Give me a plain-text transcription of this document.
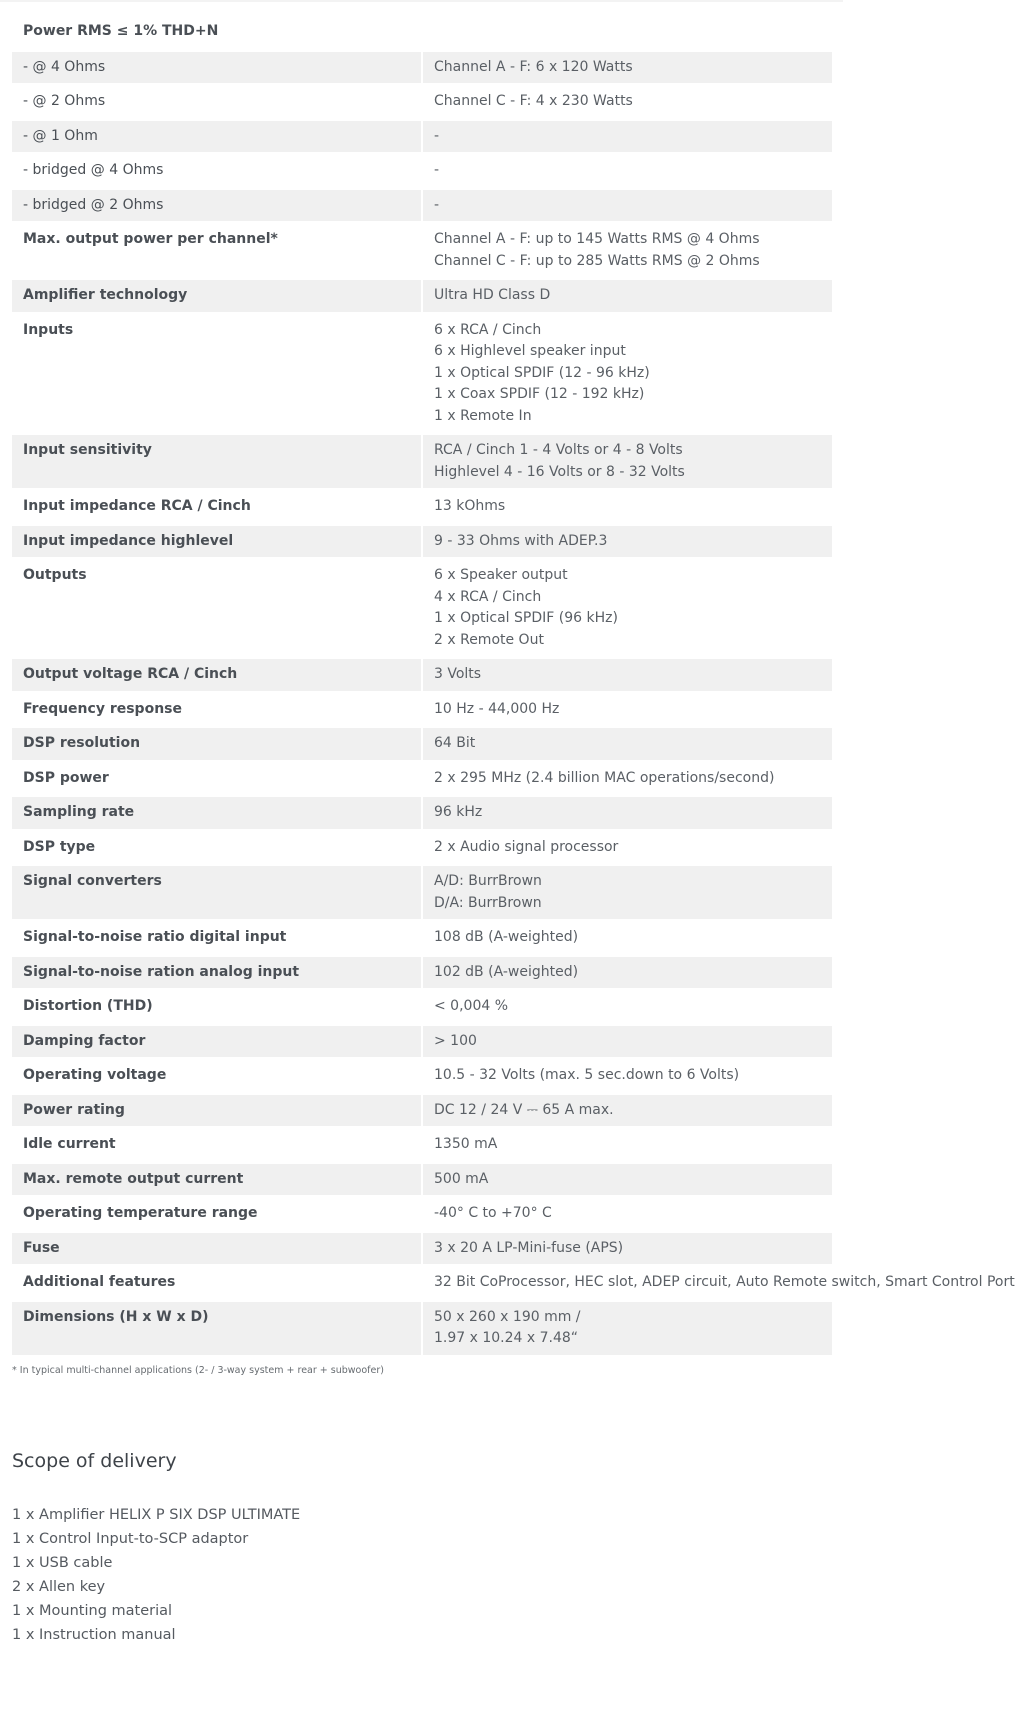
Power RMS ≤ 1% THD+N	
- @ 4 Ohms	Channel A - F: 6 x 120 Watts

- @ 2 Ohms	Channel C - F: 4 x 230 Watts

- @ 1 Ohm	-

- bridged @ 4 Ohms	-

- bridged @ 2 Ohms	-

Max. output power per channel*	Channel A - F: up to 145 Watts RMS @ 4 Ohms
Channel C - F: up to 285 Watts RMS @ 2 Ohms

Amplifier technology	Ultra HD Class D

Inputs	6 x RCA / Cinch
6 x Highlevel speaker input
1 x Optical SPDIF (12 - 96 kHz)
1 x Coax SPDIF (12 - 192 kHz)
1 x Remote In

Input sensitivity	RCA / Cinch 1 - 4 Volts or 4 - 8 Volts
Highlevel 4 - 16 Volts or 8 - 32 Volts

Input impedance RCA / Cinch	13 kOhms

Input impedance highlevel	9 - 33 Ohms with ADEP.3

Outputs	6 x Speaker output
4 x RCA / Cinch
1 x Optical SPDIF (96 kHz)
2 x Remote Out

Output voltage RCA / Cinch	3 Volts

Frequency response	10 Hz - 44,000 Hz

DSP resolution	64 Bit

DSP power	2 x 295 MHz (2.4 billion MAC operations/second)

Sampling rate	96 kHz

DSP type	2 x Audio signal processor

Signal converters	A/D: BurrBrown
D/A: BurrBrown

Signal-to-noise ratio digital input	108 dB (A-weighted)

Signal-to-noise ration analog input	102 dB (A-weighted)

Distortion (THD)	< 0,004 %

Damping factor	> 100

Operating voltage	10.5 - 32 Volts (max. 5 sec.down to 6 Volts)

Power rating	DC 12 / 24 V ⎓ 65 A max.

Idle current	1350 mA

Max. remote output current	500 mA

Operating temperature range	-40° C to +70° C

Fuse	3 x 20 A LP-Mini-fuse (APS)

Additional features	32 Bit CoProcessor, HEC slot, ADEP circuit, Auto Remote switch, Smart Control Port

Dimensions (H x W x D)	50 x 260 x 190 mm /
1.97 x 10.24 x 7.48“

* In typical multi-channel applications (2- / 3-way system + rear + subwoofer)

Scope of delivery
1 x Amplifier HELIX P SIX DSP ULTIMATE
1 x Control Input-to-SCP adaptor
1 x USB cable
2 x Allen key
1 x Mounting material
1 x Instruction manual
